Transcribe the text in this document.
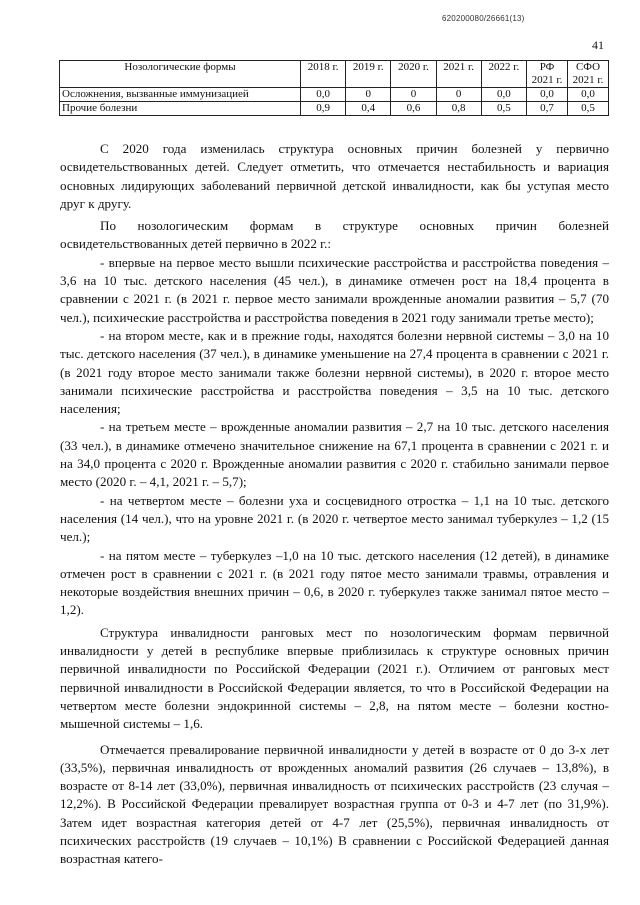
620200080/26661(13)
41
Нозологические формы	2018 г.	2019 г.	2020 г.	2021 г.	2022 г.	РФ 2021 г.	СФО 2021 г.
Осложнения, вызванные иммунизацией	0,0	0	0	0	0,0	0,0	0,0
Прочие болезни	0,9	0,4	0,6	0,8	0,5	0,7	0,5

С 2020 года изменилась структура основных причин болезней у первично освидетельствованных детей. Следует отметить, что отмечается нестабильность и вариация основных лидирующих заболеваний первичной детской инвалидности, как бы уступая место друг к другу.

По нозологическим формам в структуре основных причин болезней освидетельствованных детей первично в 2022 г.:

- впервые на первое место вышли психические расстройства и расстройства поведения – 3,6 на 10 тыс. детского населения (45 чел.), в динамике отмечен рост на 18,4 процента в сравнении с 2021 г. (в 2021 г. первое место занимали врожденные аномалии развития – 5,7 (70 чел.), психические расстройства и расстройства поведения в 2021 году занимали третье место);

- на втором месте, как и в прежние годы, находятся болезни нервной системы – 3,0 на 10 тыс. детского населения (37 чел.), в динамике уменьшение на 27,4 процента в сравнении с 2021 г. (в 2021 году второе место занимали также болезни нервной системы), в 2020 г. второе место занимали психические расстройства и расстройства поведения – 3,5 на 10 тыс. детского населения;

- на третьем месте – врожденные аномалии развития – 2,7 на 10 тыс. детского населения (33 чел.), в динамике отмечено значительное снижение на 67,1 процента в сравнении с 2021 г. и на 34,0 процента с 2020 г. Врожденные аномалии развития с 2020 г. стабильно занимали первое место (2020 г. – 4,1, 2021 г. – 5,7);

- на четвертом месте – болезни уха и сосцевидного отростка – 1,1 на 10 тыс. детского населения (14 чел.), что на уровне 2021 г. (в 2020 г. четвертое место занимал туберкулез – 1,2 (15 чел.);

- на пятом месте – туберкулез –1,0 на 10 тыс. детского населения (12 детей), в динамике отмечен рост в сравнении с 2021 г. (в 2021 году пятое место занимали травмы, отравления и некоторые воздействия внешних причин – 0,6, в 2020 г. туберкулез также занимал пятое место – 1,2).

Структура инвалидности ранговых мест по нозологическим формам первичной инвалидности у детей в республике впервые приблизилась к структуре основных причин первичной инвалидности по Российской Федерации (2021 г.). Отличием от ранговых мест первичной инвалидности в Российской Федерации является, то что в Российской Федерации на четвертом месте болезни эндокринной системы – 2,8, на пятом месте – болезни костно-мышечной системы – 1,6.

Отмечается превалирование первичной инвалидности у детей в возрасте от 0 до 3-х лет (33,5%), первичная инвалидность от врожденных аномалий развития (26 случаев – 13,8%), в возрасте от 8-14 лет (33,0%), первичная инвалидность от психических расстройств (23 случая – 12,2%). В Российской Федерации превалирует возрастная группа от 0-3 и 4-7 лет (по 31,9%). Затем идет возрастная категория детей от 4-7 лет (25,5%), первичная инвалидность от психических расстройств (19 случаев – 10,1%) В сравнении с Российской Федерацией данная возрастная катего-
